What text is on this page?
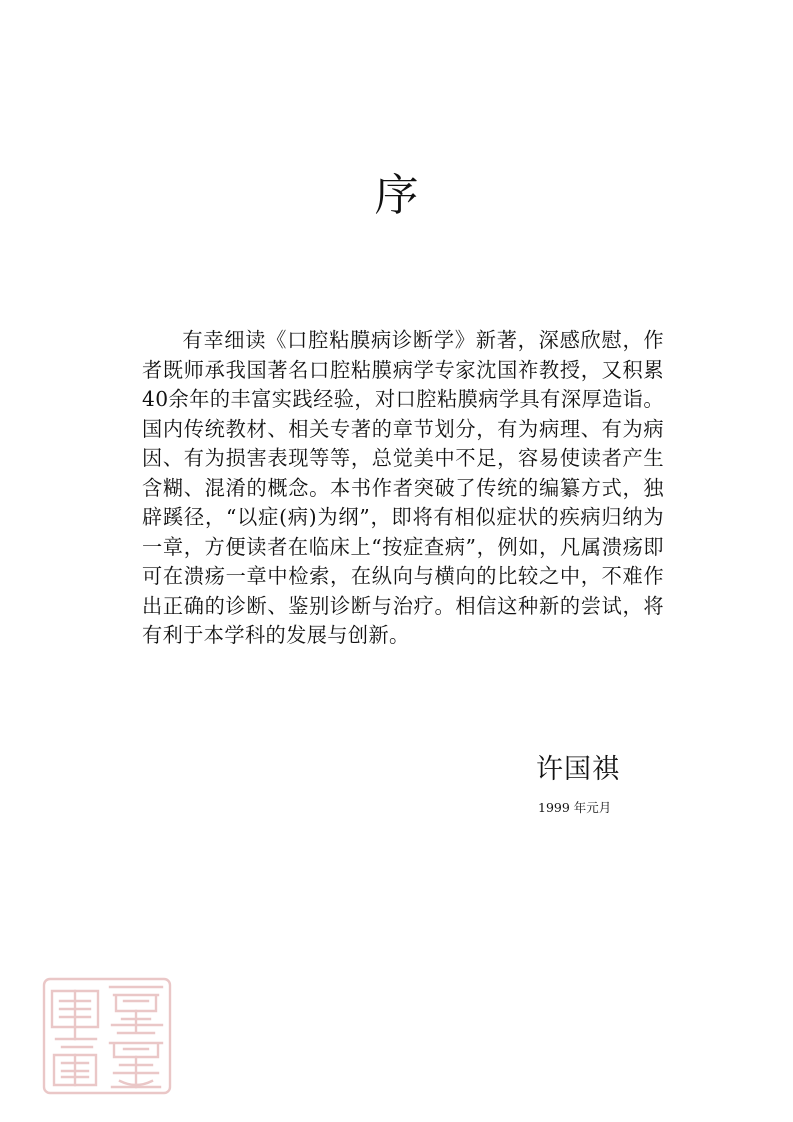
序

有幸细读《口腔粘膜病诊断学》新著，深感欣慰，作者既师承我国著名口腔粘膜病学专家沈国祚教授，又积累40余年的丰富实践经验，对口腔粘膜病学具有深厚造诣。国内传统教材、相关专著的章节划分，有为病理、有为病因、有为损害表现等等，总觉美中不足，容易使读者产生含糊、混淆的概念。本书作者突破了传统的编纂方式，独辟蹊径，“以症(病)为纲”，即将有相似症状的疾病归纳为一章，方便读者在临床上“按症查病”，例如，凡属溃疡即可在溃疡一章中检索，在纵向与横向的比较之中，不难作出正确的诊断、鉴别诊断与治疗。相信这种新的尝试，将有利于本学科的发展与创新。

许国祺

1999 年元月
